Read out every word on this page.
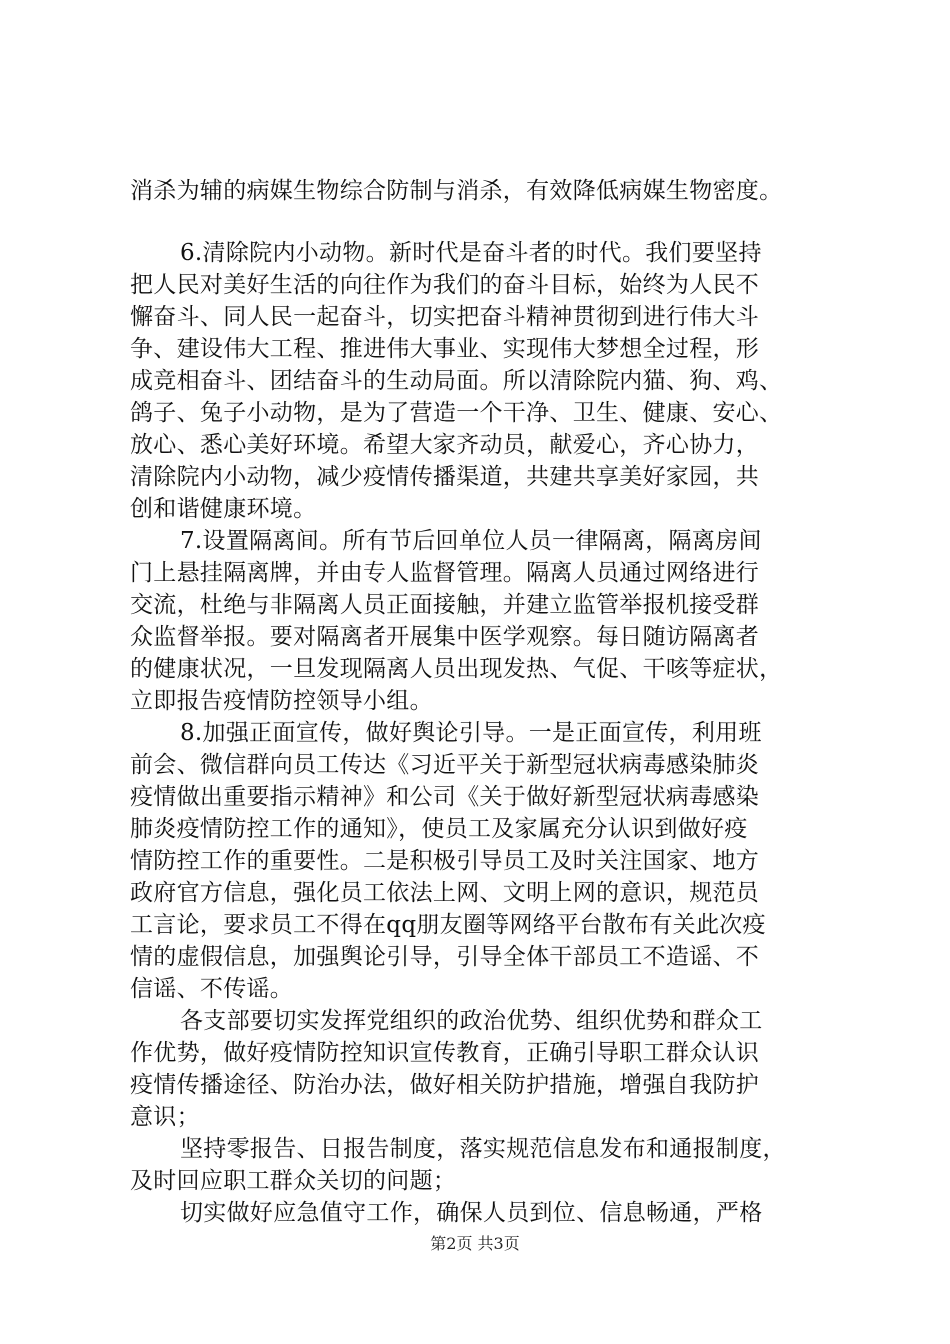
消杀为辅的病媒生物综合防制与消杀，有效降低病媒生物密度。
6.清除院内小动物。新时代是奋斗者的时代。我们要坚持
把人民对美好生活的向往作为我们的奋斗目标，始终为人民不
懈奋斗、同人民一起奋斗，切实把奋斗精神贯彻到进行伟大斗
争、建设伟大工程、推进伟大事业、实现伟大梦想全过程，形
成竞相奋斗、团结奋斗的生动局面。所以清除院内猫、狗、鸡、
鸽子、兔子小动物，是为了营造一个干净、卫生、健康、安心、
放心、悉心美好环境。希望大家齐动员，献爱心，齐心协力，
清除院内小动物，减少疫情传播渠道，共建共享美好家园，共
创和谐健康环境。
7.设置隔离间。所有节后回单位人员一律隔离，隔离房间
门上悬挂隔离牌，并由专人监督管理。隔离人员通过网络进行
交流，杜绝与非隔离人员正面接触，并建立监管举报机接受群
众监督举报。要对隔离者开展集中医学观察。每日随访隔离者
的健康状况，一旦发现隔离人员出现发热、气促、干咳等症状，
立即报告疫情防控领导小组。
8.加强正面宣传，做好舆论引导。一是正面宣传，利用班
前会、微信群向员工传达《习近平关于新型冠状病毒感染肺炎
疫情做出重要指示精神》和公司《关于做好新型冠状病毒感染
肺炎疫情防控工作的通知》，使员工及家属充分认识到做好疫
情防控工作的重要性。二是积极引导员工及时关注国家、地方
政府官方信息，强化员工依法上网、文明上网的意识，规范员
工言论，要求员工不得在qq朋友圈等网络平台散布有关此次疫
情的虚假信息，加强舆论引导，引导全体干部员工不造谣、不
信谣、不传谣。
各支部要切实发挥党组织的政治优势、组织优势和群众工
作优势，做好疫情防控知识宣传教育，正确引导职工群众认识
疫情传播途径、防治办法，做好相关防护措施，增强自我防护
意识；
坚持零报告、日报告制度，落实规范信息发布和通报制度，
及时回应职工群众关切的问题；
切实做好应急值守工作，确保人员到位、信息畅通，严格
第2页 共3页
